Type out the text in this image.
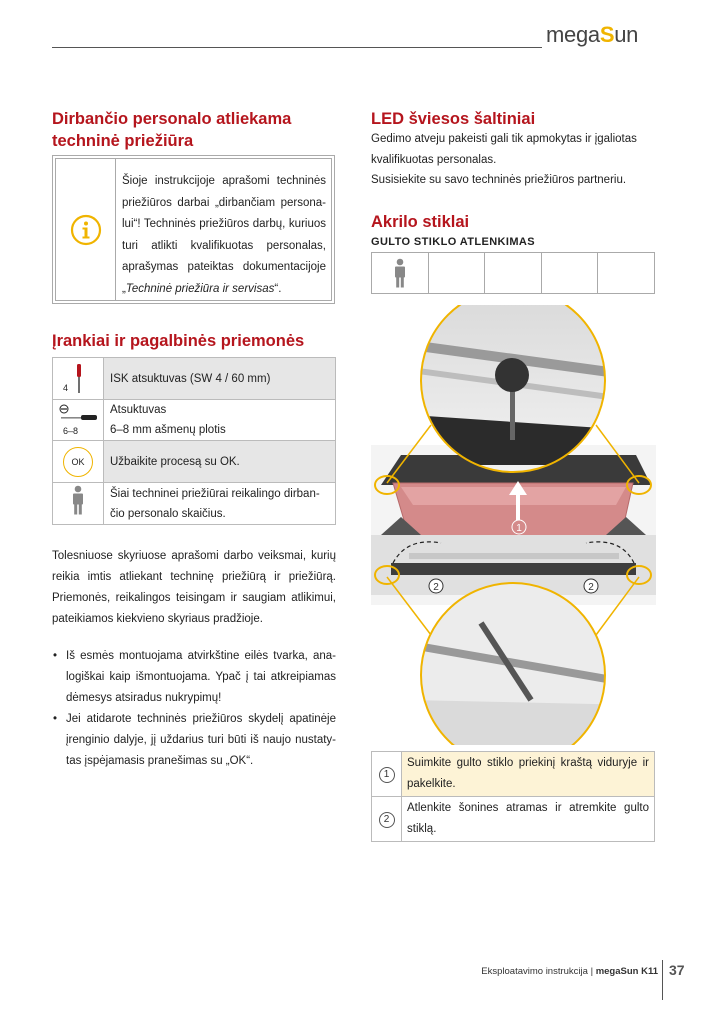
megaSun
Dirbančio personalo atliekama techninė priežiūra
Šioje instrukcijoje aprašomi techninės priežiūros darbai „dirbančiam personalui“! Techninės priežiūros darbų, kuriuos turi atlikti kvalifikuotas personalas, aprašymas pateiktas dokumentacijoje „Techninė priežiūra ir servisas“.
Įrankiai ir pagalbinės priemonės
4	ISK atsuktuvas (SW 4 / 60 mm)

6–8	Atsuktuvas
6–8 mm ašmenų plotis

OK	Užbaikite procesą su OK.

Šiai techninei priežiūrai reikalingo dirban-
čio personalo skaičius.
Tolesniuose skyriuose aprašomi darbo veiksmai, kurių reikia imtis atliekant techninę priežiūrą ir priežiūrą. Priemonės, reikalingos teisingam ir saugiam atlikimui, pateikiamos kiekvieno skyriaus pradžioje.
• Iš esmės montuojama atvirkštine eilės tvarka, analogiškai kaip išmontuojama. Ypač į tai atkreipiamas dėmesys atsiradus nukrypimų!
• Jei atidarote techninės priežiūros skydelį apatinėje įrenginio dalyje, jį uždarius turi būti iš naujo nustatytas įspėjamasis pranešimas su „OK“.
LED šviesos šaltiniai
Gedimo atveju pakeisti gali tik apmokytas ir įgaliotas kvalifikuotas personalas.
Susisiekite su savo techninės priežiūros partneriu.
Akrilo stiklai
GULTO STIKLO ATLENKIMAS
1
2	2
1	Suimkite gulto stiklo priekinį kraštą viduryje ir pakelkite.
2	Atlenkite šonines atramas ir atremkite gulto stiklą.
Eksploatavimo instrukcija | megaSun K11 37
